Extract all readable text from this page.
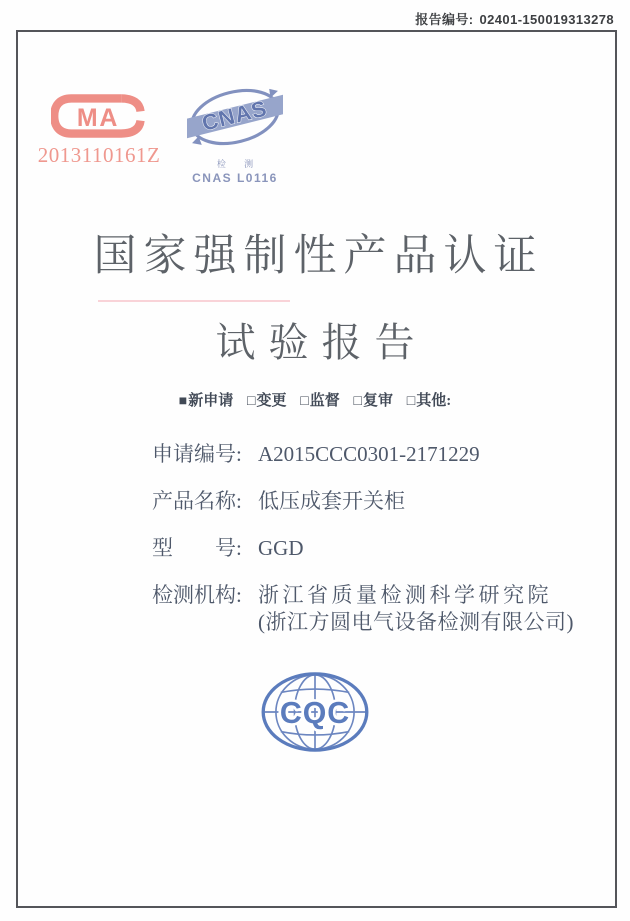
报告编号: 02401-150019313278
MA
2013110161Z
CNAS
检 测
CNAS L0116
国家强制性产品认证
试验报告
■新申请 □变更 □监督 □复审 □其他:
申请编号: A2015CCC0301-2171229
产品名称: 低压成套开关柜
型　　号: GGD
检测机构: 浙江省质量检测科学研究院
(浙江方圆电气设备检测有限公司)
CQC
